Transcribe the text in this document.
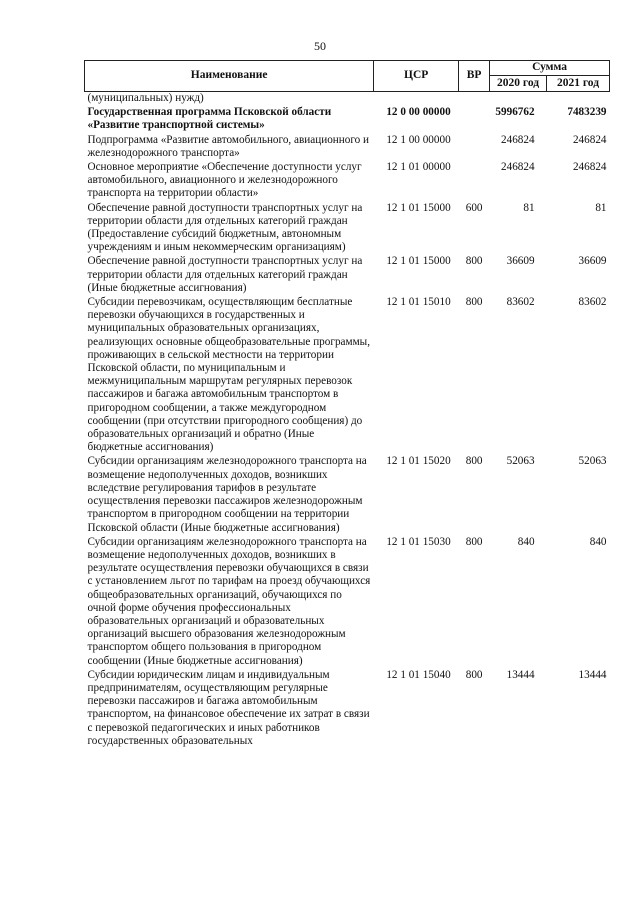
50
Наименование	ЦСР	ВР	Сумма	
			2020 год	2021 год
(муниципальных) нужд)				
Государственная программа Псковской области «Развитие транспортной системы»	12 0 00 00000		5996762	7483239
Подпрограмма «Развитие автомобильного, авиационного и железнодорожного транспорта»	12 1 00 00000		246824	246824
Основное мероприятие «Обеспечение доступности услуг автомобильного, авиационного и железнодорожного транспорта на территории области»	12 1 01 00000		246824	246824
Обеспечение равной доступности транспортных услуг на территории области для отдельных категорий граждан (Предоставление субсидий бюджетным, автономным учреждениям и иным некоммерческим организациям)	12 1 01 15000	600	81	81
Обеспечение равной доступности транспортных услуг на территории области для отдельных категорий граждан (Иные бюджетные ассигнования)	12 1 01 15000	800	36609	36609
Субсидии перевозчикам, осуществляющим бесплатные перевозки обучающихся в государственных и муниципальных образовательных организациях, реализующих основные общеобразовательные программы, проживающих в сельской местности на территории Псковской области, по муниципальным и межмуниципальным маршрутам регулярных перевозок пассажиров и багажа автомобильным транспортом в пригородном сообщении, а также междугородном сообщении (при отсутствии пригородного сообщения) до образовательных организаций и обратно (Иные бюджетные ассигнования)	12 1 01 15010	800	83602	83602
Субсидии организациям железнодорожного транспорта на возмещение недополученных доходов, возникших вследствие регулирования тарифов в результате осуществления перевозки пассажиров железнодорожным транспортом в пригородном сообщении на территории Псковской области (Иные бюджетные ассигнования)	12 1 01 15020	800	52063	52063
Субсидии организациям железнодорожного транспорта на возмещение недополученных доходов, возникших в результате осуществления перевозки обучающихся в связи с установлением льгот по тарифам на проезд обучающихся общеобразовательных организаций, обучающихся по очной форме обучения профессиональных образовательных организаций и образовательных организаций высшего образования железнодорожным транспортом общего пользования в пригородном сообщении (Иные бюджетные ассигнования)	12 1 01 15030	800	840	840
Субсидии юридическим лицам и индивидуальным предпринимателям, осуществляющим регулярные перевозки пассажиров и багажа автомобильным транспортом, на финансовое обеспечение их затрат в связи с перевозкой педагогических и иных работников государственных образовательных	12 1 01 15040	800	13444	13444
